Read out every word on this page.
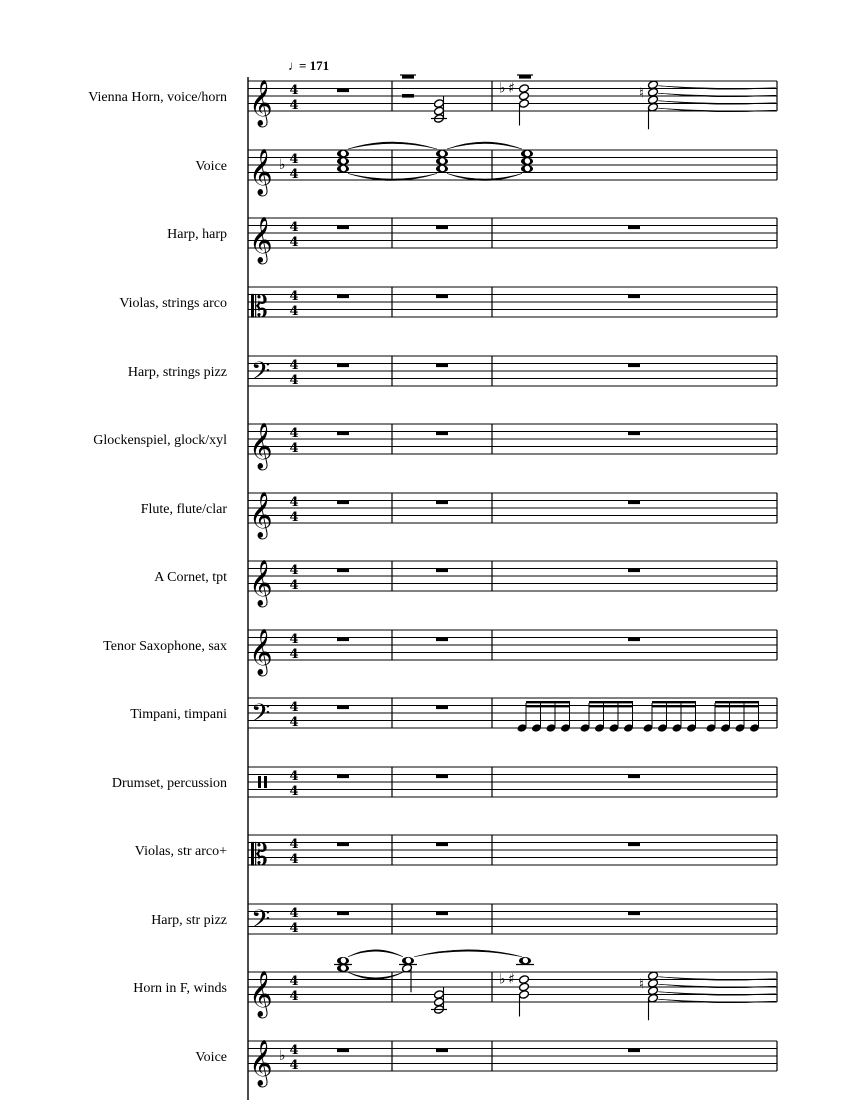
♩
= 171
Vienna Horn, voice/horn 𝄞 4
4
♭ ♯	♮
Voice 𝄞 ♭ 4
4
Harp, harp 𝄞 4
4
Violas, strings arco 𝄡 4
4
Harp, strings pizz 𝄢 4
4
Glockenspiel, glock/xyl 𝄞 4
4
Flute, flute/clar 𝄞 4
4
A Cornet, tpt 𝄞 4
4
Tenor Saxophone, sax 𝄞 4
4
Timpani, timpani 𝄢 4
4
Drumset, percussion	4
4
Violas, str arco+ 𝄡 4
4
Harp, str pizz 𝄢 4
4
Horn in F, winds 𝄞 4
4
♭ ♯	♮
Voice 𝄞 ♭ 4
4
